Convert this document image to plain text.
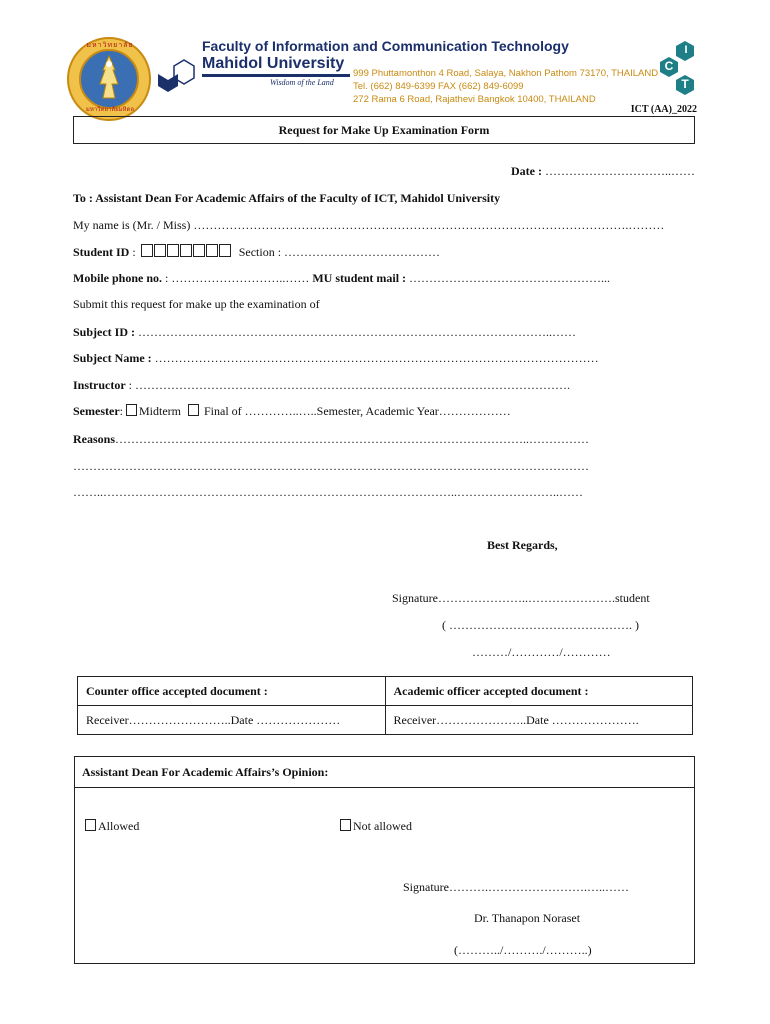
มหาวิทยาลัย
มหาวิทยาลัยมหิดล
Faculty of Information and Communication Technology
Mahidol University
Wisdom of the Land
999 Phuttamonthon 4 Road, Salaya, Nakhon Pathom 73170, THAILAND
Tel. (662) 849-6399 FAX (662) 849-6099
272 Rama 6 Road, Rajathevi Bangkok 10400, THAILAND
I
C
T
ICT (AA)_2022
Request for Make Up Examination Form
Date : …………………………..……
To : Assistant Dean For Academic Affairs of the Faculty of ICT, Mahidol University
My name is (Mr. / Miss) ……………………………………………………………………………………………….………
Student ID :	Section : …………………………………
Mobile phone no. : ………………………..…… MU student mail : …………………………………………...
Submit this request for make up the examination of
Subject ID : …………………………………………………………………………………………..……
Subject Name : …………………………………………………………………………………………………
Instructor : ……………………………………………………………………………………………….
Semester: Midterm Final of …………..…..Semester, Academic Year………………
Reasons…………………………………………………………………………………………..……………
…………………………………………………………………………………………………………………
……..……………………………………………………………………………..……………………..……
Best Regards,
Signature…………………..………………….student
( ………………………………………. )
………/…………/…………
Counter office accepted document :	Academic officer accepted document :
Receiver……………………..Date …………………	Receiver…………………..Date ………………….
Assistant Dean For Academic Affairs’s Opinion:
Allowed	Not allowed
Signature……….…………………….…..……
Dr. Thanapon Noraset
(………../………./………..)
